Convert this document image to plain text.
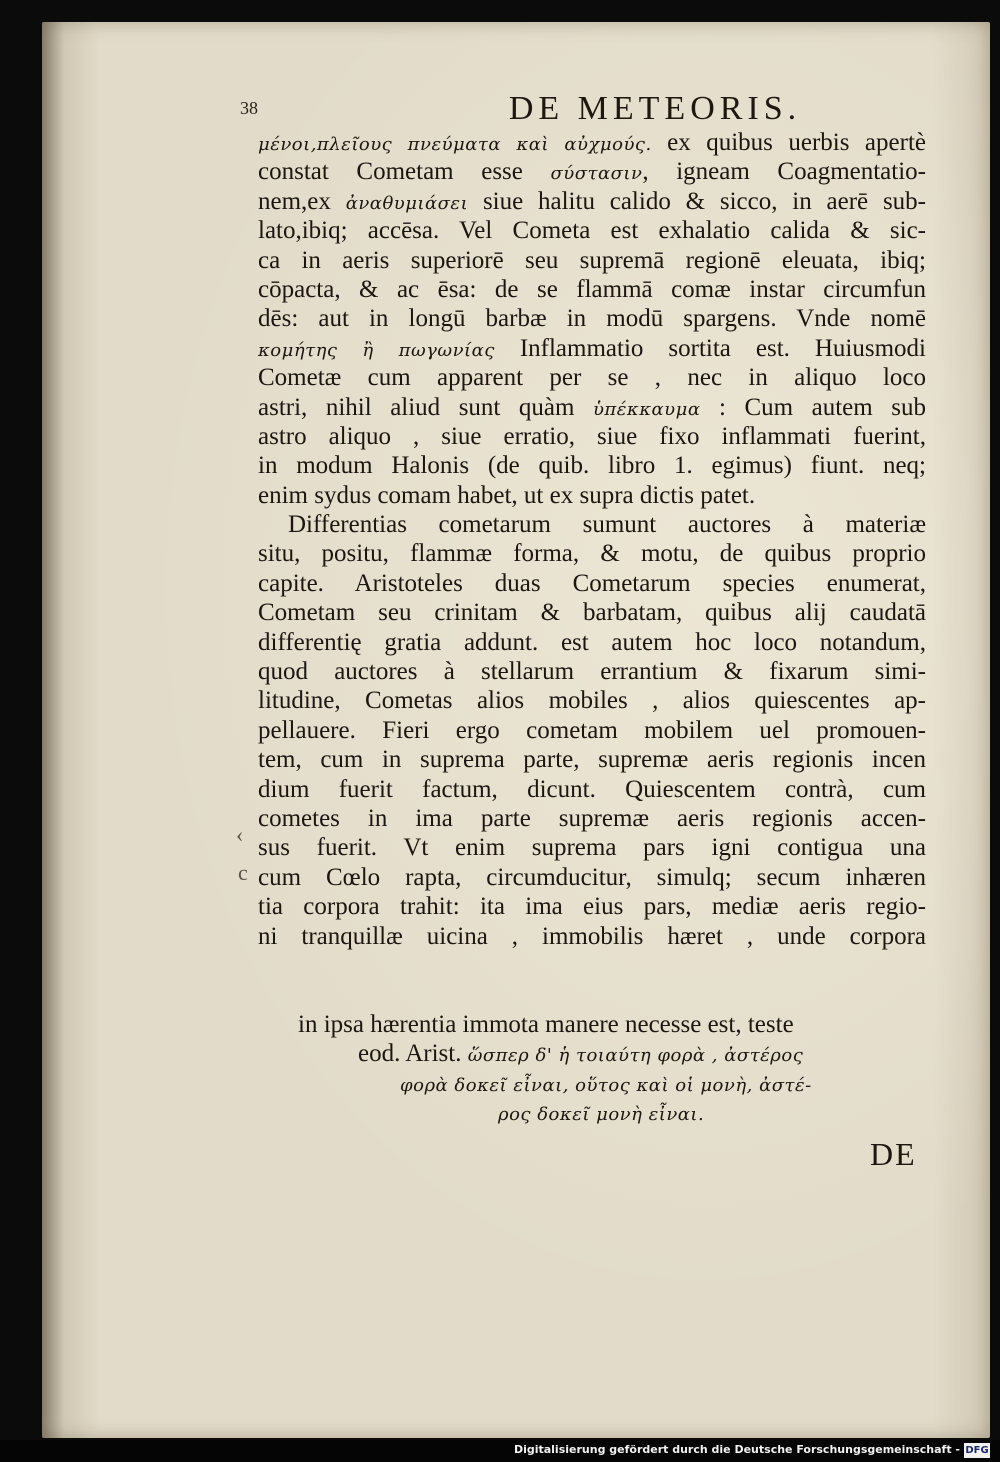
38	DE METEORIS.
μένοι,πλεῖους πνεύματα καὶ αὐχμούς. ex quibus uerbis apertè
constat Cometam esse σύστασιν, igneam Coagmentatio-
nem,ex ἀναθυμιάσει siue halitu calido & sicco, in aerē sub-
lato,ibiq; accēsa. Vel Cometa est exhalatio calida & sic-
ca in aeris superiorē seu supremā regionē eleuata, ibiq;
cōpacta, & ac ēsa: de se flammā comæ instar circumfun
dēs: aut in longū barbæ in modū spargens. Vnde nomē
κομήτης ἢ πωγωνίας Inflammatio sortita est. Huiusmodi
Cometæ cum apparent per se , nec in aliquo loco
astri, nihil aliud sunt quàm ὑπέκκαυμα : Cum autem sub
astro aliquo , siue erratio, siue fixo inflammati fuerint,
in modum Halonis (de quib. libro 1. egimus) fiunt. neq;
enim sydus comam habet, ut ex supra dictis patet.
Differentias cometarum sumunt auctores à materiæ
situ, positu, flammæ forma, & motu, de quibus proprio
capite. Aristoteles duas Cometarum species enumerat,
Cometam seu crinitam & barbatam, quibus alij caudatā
differentię gratia addunt. est autem hoc loco notandum,
quod auctores à stellarum errantium & fixarum simi-
litudine, Cometas alios mobiles , alios quiescentes ap-
pellauere. Fieri ergo cometam mobilem uel promouen-
tem, cum in suprema parte, supremæ aeris regionis incen
dium fuerit factum, dicunt. Quiescentem contrà, cum
cometes in ima parte supremæ aeris regionis accen-
sus fuerit. Vt enim suprema pars igni contigua una
cum Cœlo rapta, circumducitur, simulq; secum inhæren
tia corpora trahit: ita ima eius pars, mediæ aeris regio-
ni tranquillæ uicina , immobilis hæret , unde corpora
in ipsa hærentia immota manere necesse est, teste
eod. Arist. ὥσπερ δ' ἡ τοιαύτη φορὰ , ἀστέρος
φορὰ δοκεῖ εἶναι, οὕτος καὶ οἱ μονὴ, ἀστέ-
ρος δοκεῖ μονὴ εἶναι.
‹
c
DE
Digitalisierung gefördert durch die Deutsche Forschungsgemeinschaft - DFG
